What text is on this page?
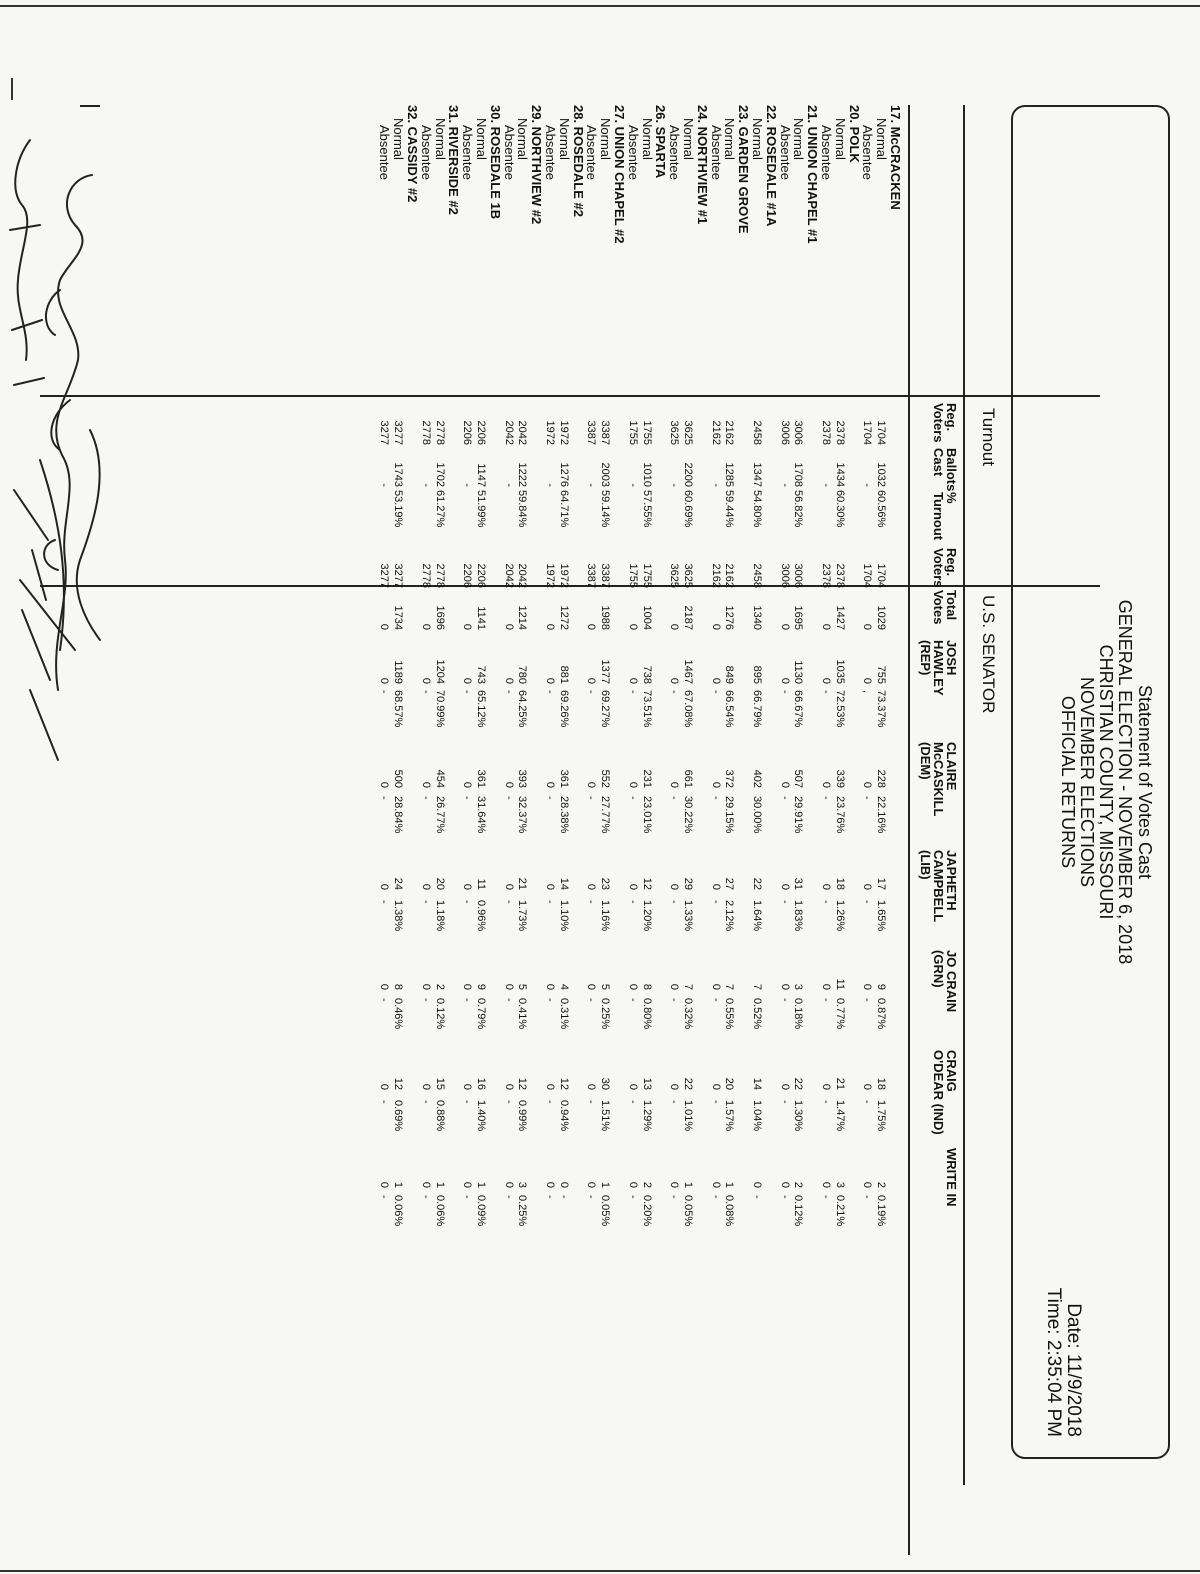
Statement of Votes Cast
GENERAL ELECTION - NOVEMBER 6, 2018
CHRISTIAN COUNTY, MISSOURI
NOVEMBER ELECTIONS
OFFICIAL RETURNS
Date: 11/9/2018
Time: 2:35:04 PM
Turnout
U.S. SENATOR
Reg.
Voters
Ballots
Cast
%
Turnout
Reg.
Voters
Total
Votes
JOSH
HAWLEY
(REP)
CLAIRE
McCASKILL
(DEM)
JAPHETH
CAMPBELL
(LIB)
JO CRAIN
(GRN)
CRAIG
O'DEAR (IND)
WRITE IN
17. McCRACKEN
Normal
1704
1032
60.56%
1704
1029
755
73.37%
228
22.16%
17
1.65%
9
0.87%
18
1.75%
2
0.19%
Absentee
1704
-
1704
0
0
,
0
-
0
-
0
-
0
-
0
-
20. POLK
Normal
2378
1434
60.30%
2378
1427
1035
72.53%
339
23.76%
18
1.26%
11
0.77%
21
1.47%
3
0.21%
Absentee
2378
-
2378
0
0
-
0
-
0
-
0
-
0
-
0
-
21. UNION CHAPEL #1
Normal
3006
1708
56.82%
3006
1695
1130
66.67%
507
29.91%
31
1.83%
3
0.18%
22
1.30%
2
0.12%
Absentee
3006
-
3006
0
0
-
0
-
0
-
0
-
0
-
0
-
22. ROSEDALE #1A
Normal
2458
1347
54.80%
2458
1340
895
66.79%
402
30.00%
22
1.64%
7
0.52%
14
1.04%
0
-
23. GARDEN GROVE
Normal
2162
1285
59.44%
2162
1276
849
66.54%
372
29.15%
27
2.12%
7
0.55%
20
1.57%
1
0.08%
Absentee
2162
-
2162
0
0
-
0
-
0
-
0
-
0
-
0
-
24. NORTHVIEW #1
Normal
3625
2200
60.69%
3625
2187
1467
67.08%
661
30.22%
29
1.33%
7
0.32%
22
1.01%
1
0.05%
Absentee
3625
-
3625
0
0
-
0
-
0
-
0
-
0
-
0
-
26. SPARTA
Normal
1755
1010
57.55%
1755
1004
738
73.51%
231
23.01%
12
1.20%
8
0.80%
13
1.29%
2
0.20%
Absentee
1755
-
1755
0
0
-
0
-
0
-
0
-
0
-
0
-
27. UNION CHAPEL #2
Normal
3387
2003
59.14%
3387
1988
1377
69.27%
552
27.77%
23
1.16%
5
0.25%
30
1.51%
1
0.05%
Absentee
3387
-
3387
0
0
-
0
-
0
-
0
-
0
-
0
-
28. ROSEDALE #2
Normal
1972
1276
64.71%
1972
1272
881
69.26%
361
28.38%
14
1.10%
4
0.31%
12
0.94%
0
-
Absentee
1972
-
1972
0
0
-
0
-
0
-
0
-
0
-
0
-
29. NORTHVIEW #2
Normal
2042
1222
59.84%
2042
1214
780
64.25%
393
32.37%
21
1.73%
5
0.41%
12
0.99%
3
0.25%
Absentee
2042
-
2042
0
0
-
0
-
0
-
0
-
0
-
0
-
30. ROSEDALE 1B
Normal
2206
1147
51.99%
2206
1141
743
65.12%
361
31.64%
11
0.96%
9
0.79%
16
1.40%
1
0.09%
Absentee
2206
-
2206
0
0
-
0
-
0
-
0
-
0
-
0
-
31. RIVERSIDE #2
Normal
2778
1702
61.27%
2778
1696
1204
70.99%
454
26.77%
20
1.18%
2
0.12%
15
0.88%
1
0.06%
Absentee
2778
-
2778
0
0
-
0
-
0
-
0
-
0
-
0
-
32. CASSIDY #2
Normal
3277
1743
53.19%
3277
1734
1189
68.57%
500
28.84%
24
1.38%
8
0.46%
12
0.69%
1
0.06%
Absentee
3277
-
3277
0
0
-
0
-
0
-
0
-
0
-
0
-
